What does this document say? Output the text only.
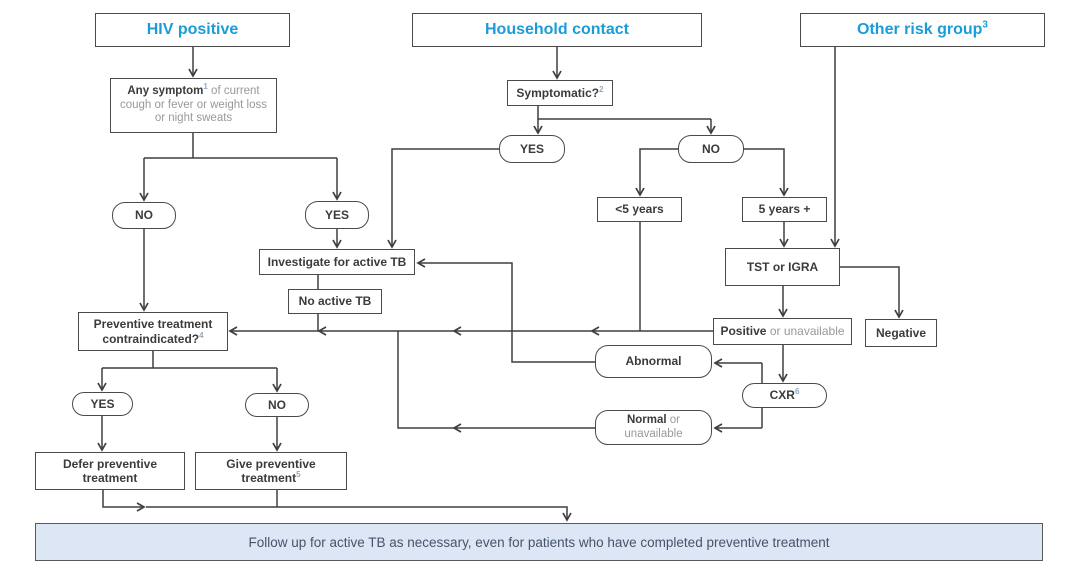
HIV positive	Household contact	Other risk group$^3$
Any symptom$^1$ of current cough or fever or weight loss or night sweats
NO	YES
Preventive treatment
contraindicated?$^4$
YES	NO
Defer preventive
treatment
Give preventive
treatment$^5$
Symptomatic?$^2$
YES	NO
Investigate for active TB
No active TB
<5 years	5 years +
TST or IGRA
Positive or unavailable	Negative
CXR$^6$
Abnormal
Normal or
unavailable
Follow up for active TB as necessary, even for patients who have completed preventive treatment
